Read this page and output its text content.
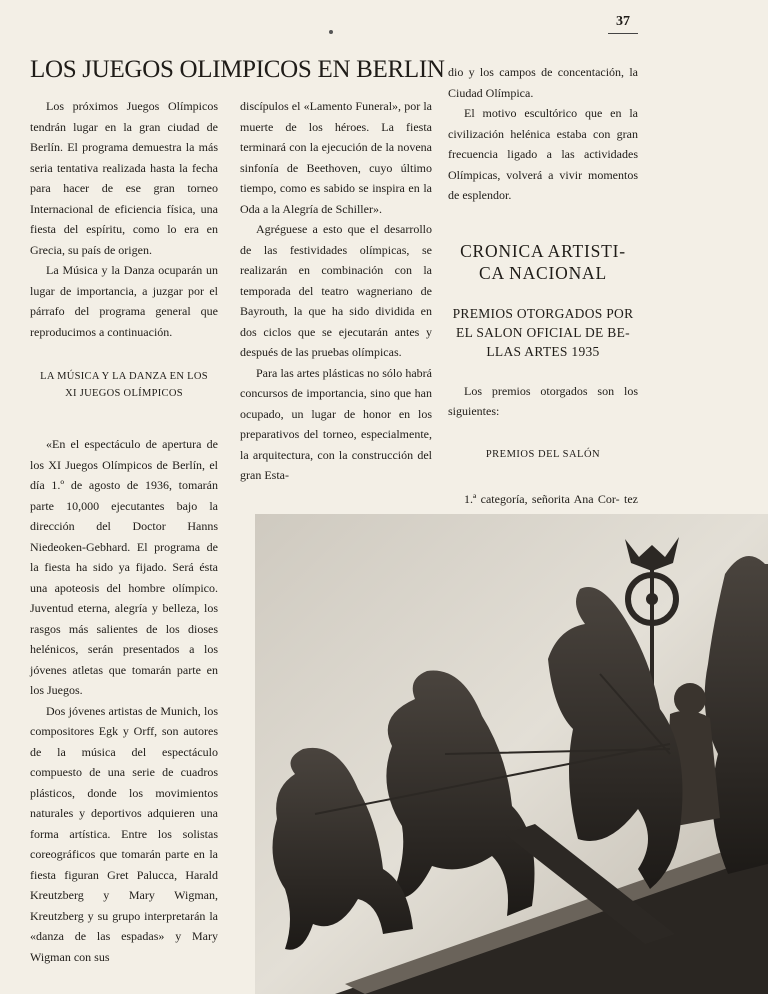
37
LOS JUEGOS OLIMPICOS EN BERLIN

Los próximos Juegos Olímpicos tendrán lugar en la gran ciudad de Berlín. El programa demuestra la más seria tentativa realizada hasta la fecha para hacer de ese gran torneo Internacional de eficiencia física, una fiesta del espíritu, como lo era en Grecia, su país de origen.

La Música y la Danza ocuparán un lugar de importancia, a juzgar por el párrafo del programa general que reproducimos a continuación.

LA MÚSICA Y LA DANZA EN LOS
XI JUEGOS OLÍMPICOS

«En el espectáculo de apertura de los XI Juegos Olímpicos de Berlín, el día 1.º de agosto de 1936, tomarán parte 10,000 ejecutantes bajo la dirección del Doctor Hanns Niedeoken-Gebhard. El programa de la fiesta ha sido ya fijado. Será ésta una apoteosis del hombre olímpico. Juventud eterna, alegría y belleza, los rasgos más salientes de los dioses helénicos, serán presentados a los jóvenes atletas que tomarán parte en los Juegos.

Dos jóvenes artistas de Munich, los compositores Egk y Orff, son autores de la música del espectáculo compuesto de una serie de cuadros plásticos, donde los movimientos naturales y deportivos adquieren una forma artística. Entre los solistas coreográficos que tomarán parte en la fiesta figuran Gret Palucca, Harald Kreutzberg y Mary Wigman, Kreutzberg y su grupo interpretarán la «danza de las espadas» y Mary Wigman con sus

discípulos el «Lamento Funeral», por la muerte de los héroes. La fiesta terminará con la ejecución de la novena sinfonía de Beethoven, cuyo último tiempo, como es sabido se inspira en la Oda a la Alegría de Schiller».

Agréguese a esto que el desarrollo de las festividades olímpicas, se realizarán en combinación con la temporada del teatro wagneriano de Bayrouth, la que ha sido dividida en dos ciclos que se ejecutarán antes y después de las pruebas olímpicas.

Para las artes plásticas no sólo habrá concursos de importancia, sino que han ocupado, un lugar de honor en los preparativos del torneo, especialmente, la arquitectura, con la construcción del gran Esta-

dio y los campos de concentación, la Ciudad Olímpica.

El motivo escultórico que en la civilización helénica estaba con gran frecuencia ligado a las actividades Olímpicas, volverá a vivir momentos de esplendor.

CRONICA ARTISTI-
CA NACIONAL

PREMIOS OTORGADOS POR
EL SALON OFICIAL DE BE-
LLAS ARTES 1935

Los premios otorgados son los siguientes:

PREMIOS DEL SALÓN

1.ª categoría, señorita Ana Cor- tez
